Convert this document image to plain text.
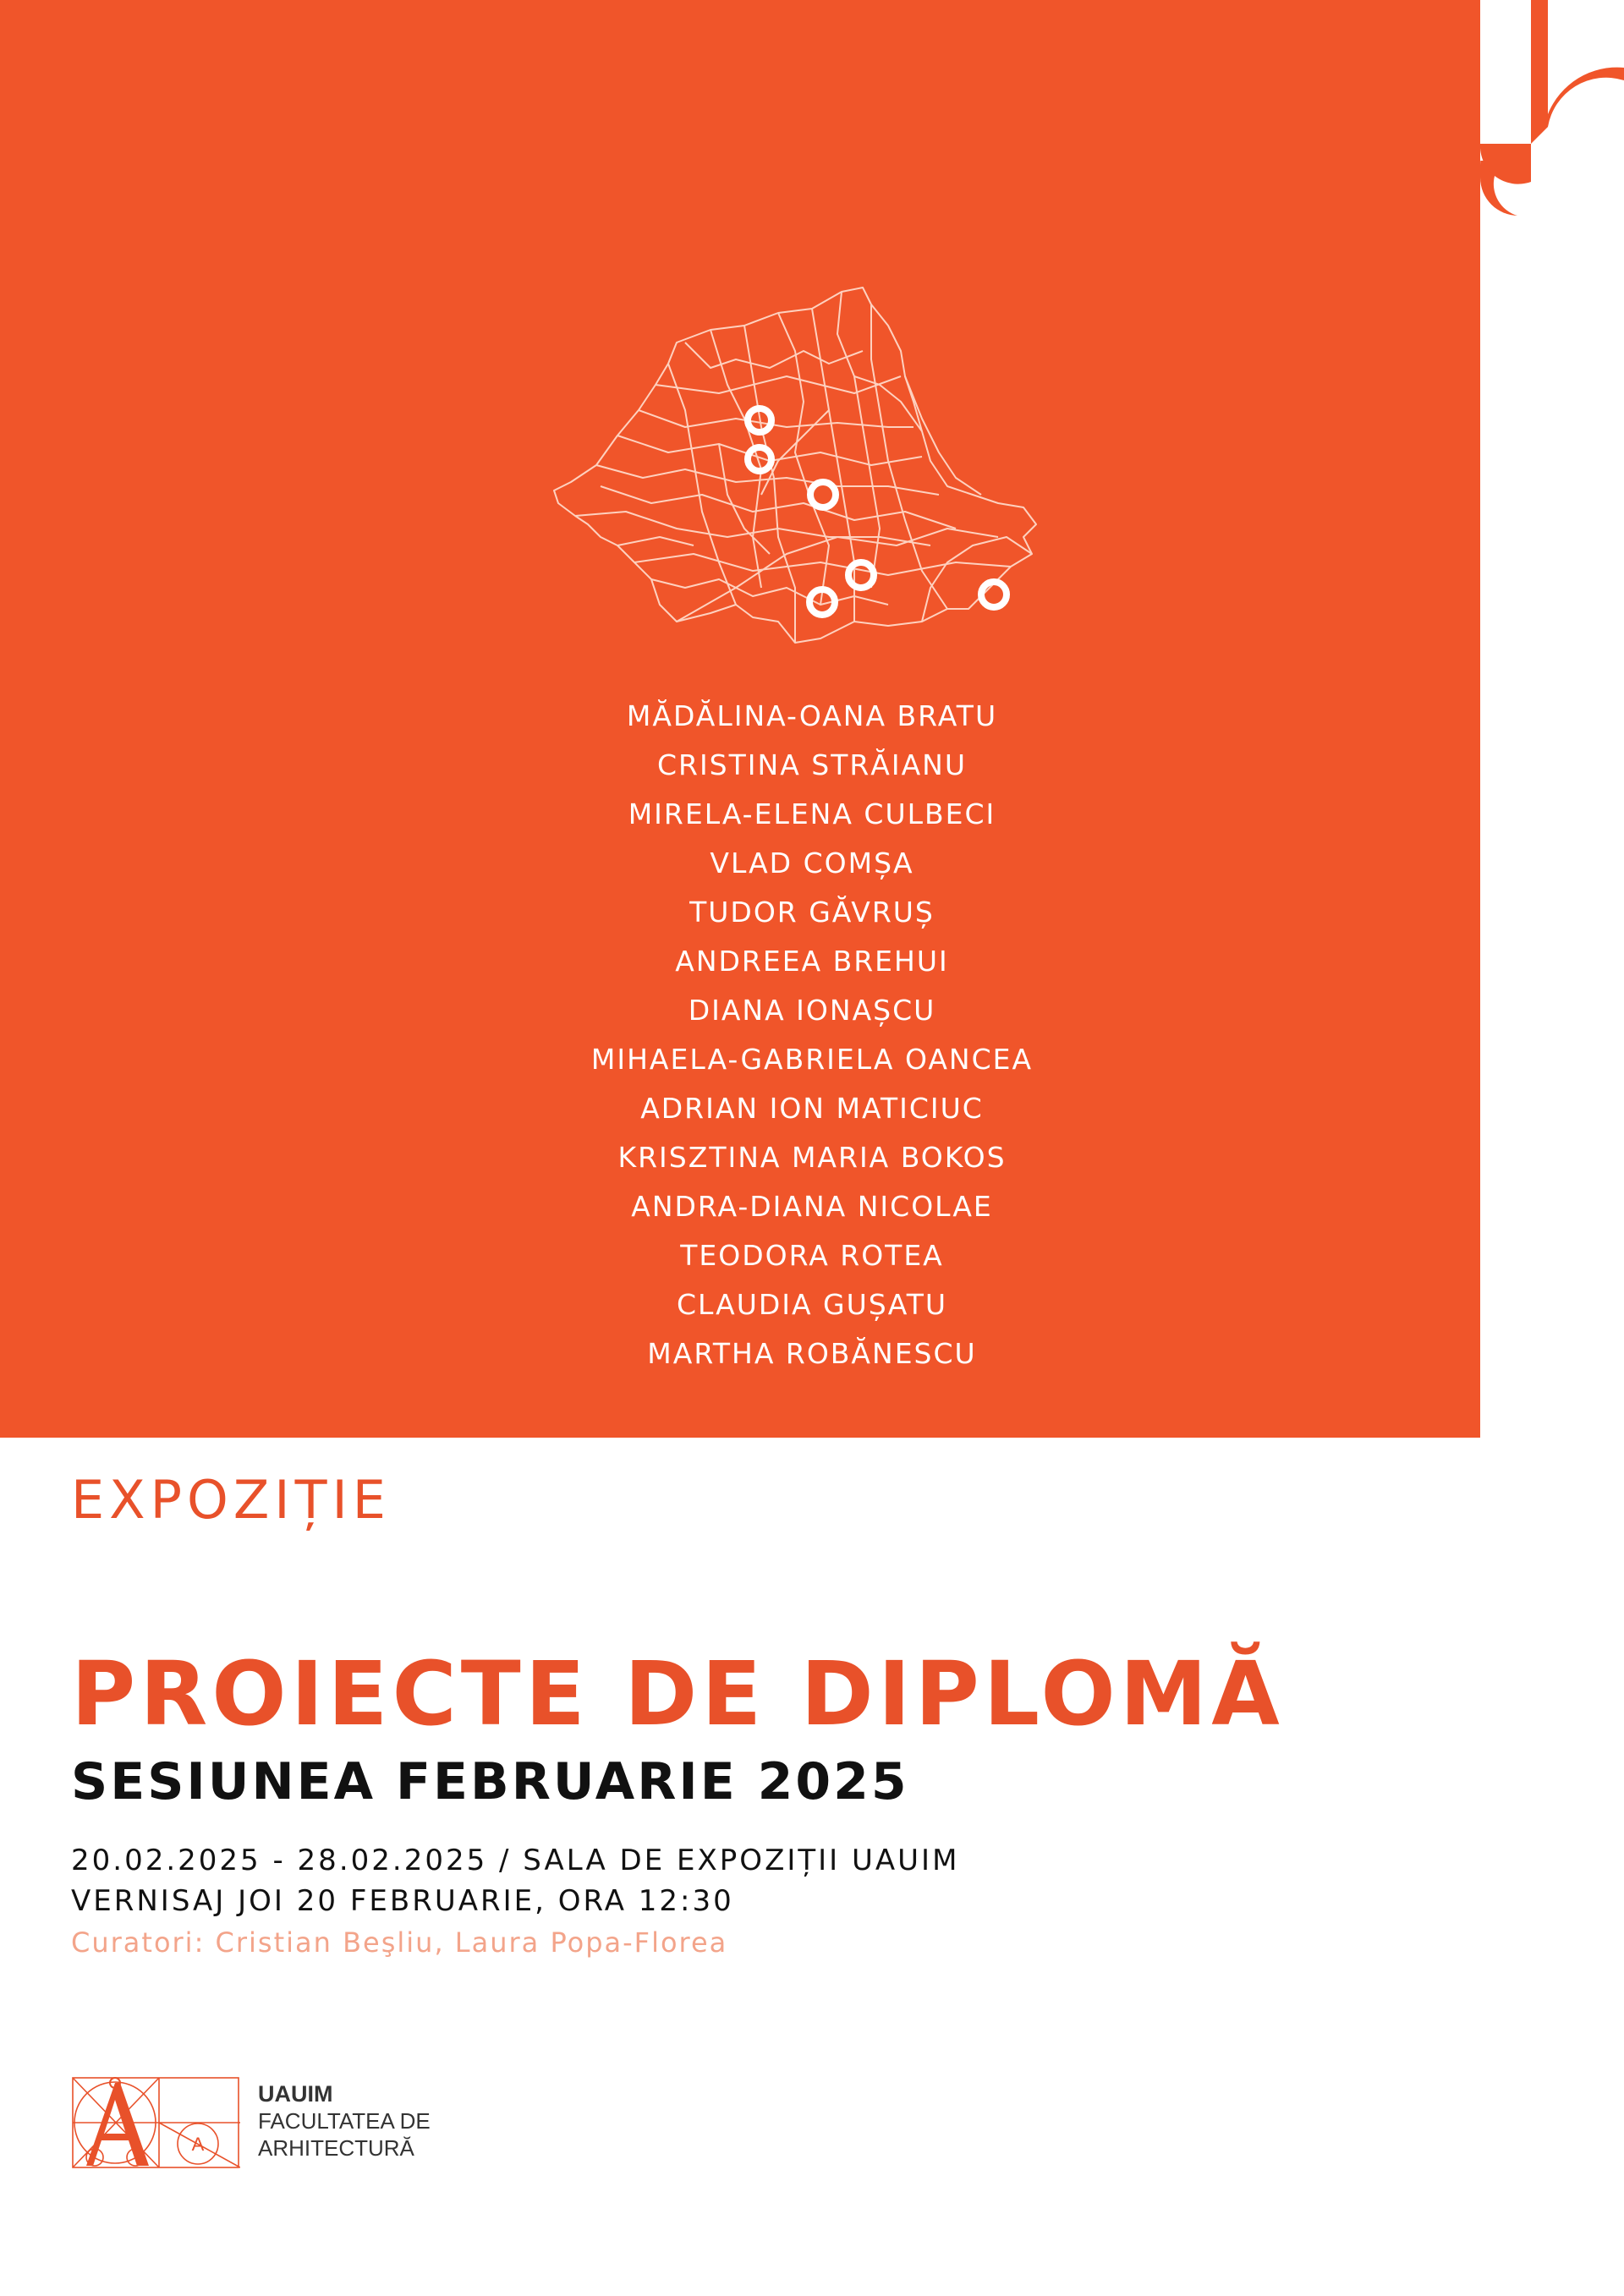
MĂDĂLINA-OANA BRATU
CRISTINA STRĂIANU
MIRELA-ELENA CULBECI
VLAD COMȘA
TUDOR GĂVRUȘ
ANDREEA BREHUI
DIANA IONAȘCU
MIHAELA-GABRIELA OANCEA
ADRIAN ION MATICIUC
KRISZTINA MARIA BOKOS
ANDRA-DIANA NICOLAE
TEODORA ROTEA
CLAUDIA GUȘATU
MARTHA ROBĂNESCU
EXPOZIȚIE
PROIECTE DE DIPLOMĂ
SESIUNEA FEBRUARIE 2025
20.02.2025 - 28.02.2025 / SALA DE EXPOZIȚII UAUIM
VERNISAJ JOI 20 FEBRUARIE, ORA 12:30
Curatori: Cristian Beşliu, Laura Popa-Florea
A
UAUIM
FACULTATEA DE
ARHITECTURĂ
